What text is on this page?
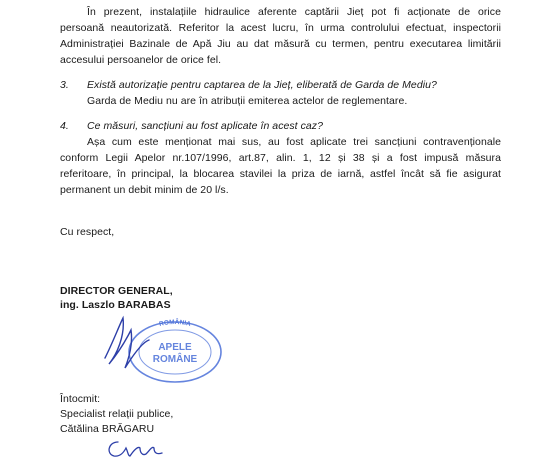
În prezent, instalațiile hidraulice aferente captării Jieț pot fi acționate de orice
persoană neautorizată. Referitor la acest lucru, în urma controlului efectuat, inspectorii
Administrației Bazinale de Apă Jiu au dat măsură cu termen, pentru executarea limitării
accesului persoanelor de orice fel.
3. Există autorizație pentru captarea de la Jieț, eliberată de Garda de Mediu?
Garda de Mediu nu are în atribuții emiterea actelor de reglementare.
4. Ce măsuri, sancțiuni au fost aplicate în acest caz?
Așa cum este menționat mai sus, au fost aplicate trei sancțiuni contravenționale
conform Legii Apelor nr.107/1996, art.87, alin. 1, 12 și 38 și a fost impusă măsura
referitoare, în principal, la blocarea stavilei la priza de iarnă, astfel încât să fie asigurat
permanent un debit minim de 20 l/s.
Cu respect,
DIRECTOR GENERAL,
ing. Laszlo BARABAS
ROMÂNIA
APELE
ROMÂNE
Întocmit:
Specialist relații publice,
Cătălina BRĂGARU
